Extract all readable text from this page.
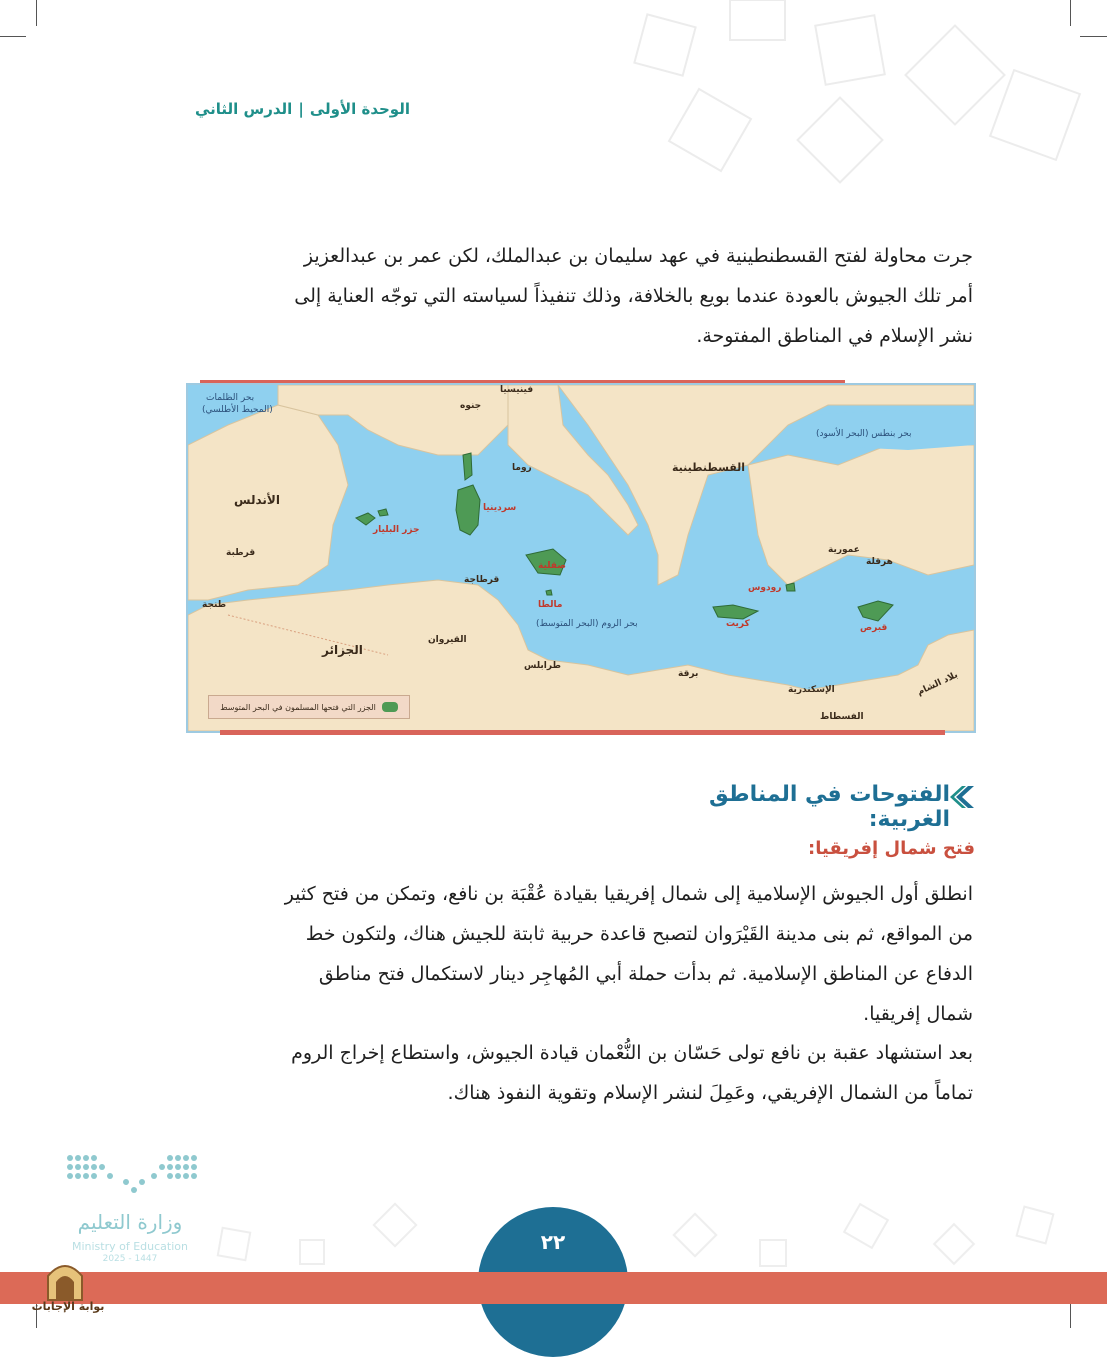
الوحدة الأولى|الدرس الثاني
جرت محاولة لفتح القسطنطينية في عهد سليمان بن عبدالملك، لكن عمر بن عبدالعزيز
أمر تلك الجيوش بالعودة عندما بويع بالخلافة، وذلك تنفيذاً لسياسته التي توجّه العناية إلى
نشر الإسلام في المناطق المفتوحة.
بحر الظلمات
(المحيط الأطلسي)
فينيسيا
جنوه
بحر بنطس (البحر الأسود)
روما	القسطنطينية
الأندلس
سردينيا
جزر البليار
قرطبة
صقلية
عمورية
هرقلة
قرطاجة
رودوس
طنجة	مالطا
كريت	قبرص
بحر الروم (البحر المتوسط)
القيروان
الجزائر
طرابلس
برقة
الإسكندرية	بلاد الشام
الفسطاط
الجزر التي فتحها المسلمون في البحر المتوسط
الفتوحات في المناطق الغربية:
فتح شمال إفريقيا:
انطلق أول الجيوش الإسلامية إلى شمال إفريقيا بقيادة عُقْبَة بن نافع، وتمكن من فتح كثير
من المواقع، ثم بنى مدينة القَيْرَوان لتصبح قاعدة حربية ثابتة للجيش هناك، ولتكون خط
الدفاع عن المناطق الإسلامية. ثم بدأت حملة أبي المُهاجِر دينار لاستكمال فتح مناطق
شمال إفريقيا.
بعد استشهاد عقبة بن نافع تولى حَسّان بن النُّعْمان قيادة الجيوش، واستطاع إخراج الروم
تماماً من الشمال الإفريقي، وعَمِلَ لنشر الإسلام وتقوية النفوذ هناك.
وزارة التعليم
Ministry of Education
2025 - 1447
٢٢
بوابة الإجابات
